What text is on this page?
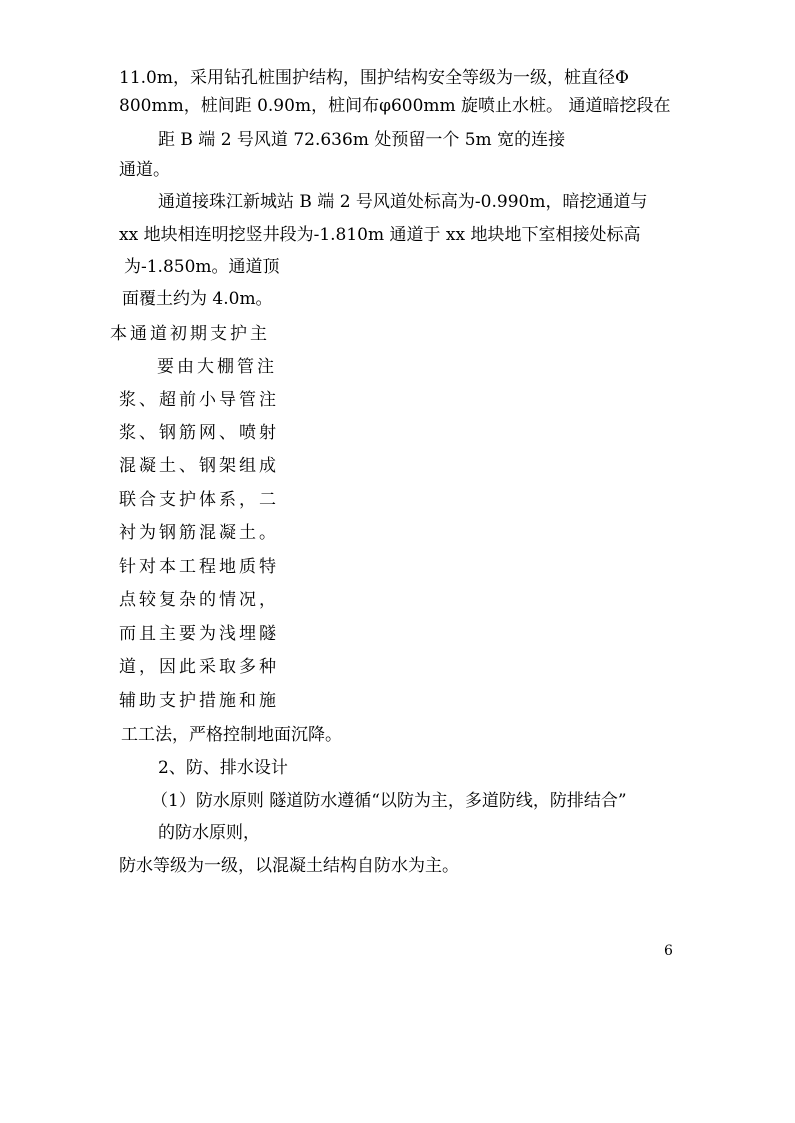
11.0m，采用钻孔桩围护结构，围护结构安全等级为一级，桩直径Φ
800mm，桩间距 0.90m，桩间布φ600mm 旋喷止水桩。 通道暗挖段在
距 B 端 2 号风道 72.636m 处预留一个 5m 宽的连接
通道。
通道接珠江新城站 B 端 2 号风道处标高为-0.990m，暗挖通道与
xx 地块相连明挖竖井段为-1.810m 通道于 xx 地块地下室相接处标高
为-1.850m。通道顶
面覆土约为 4.0m。
本通道初期支护主
要由大棚管注
浆、超前小导管注
浆、钢筋网、喷射
混凝土、钢架组成
联合支护体系，二
衬为钢筋混凝土。
针对本工程地质特
点较复杂的情况，
而且主要为浅埋隧
道，因此采取多种
辅助支护措施和施
工工法，严格控制地面沉降。
2、防、排水设计
（1）防水原则 隧道防水遵循“以防为主，多道防线，防排结合”
的防水原则，
防水等级为一级，以混凝土结构自防水为主。
6
